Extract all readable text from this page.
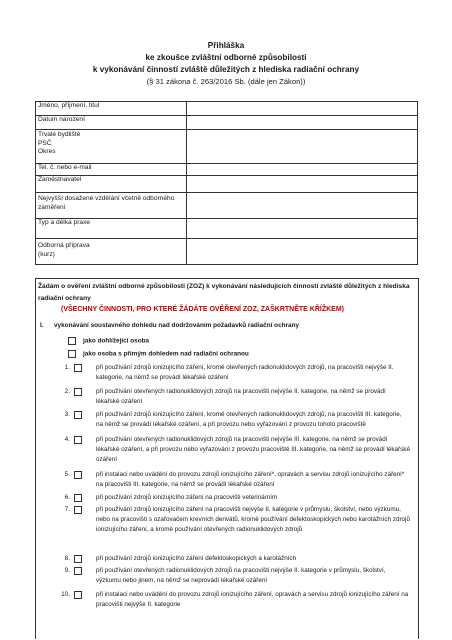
Přihláška
ke zkoušce zvláštní odborné způsobilosti
k vykonávání činností zvláště důležitých z hlediska radiační ochrany
(§ 31 zákona č. 263/2016 Sb. (dále jen Zákon))
Jméno, příjmení, titul	
Datum narození	
Trvalé bydliště
PSČ
Okres	
Tel. č. nebo e-mail	
Zaměstnavatel	
Nejvyšší dosažené vzdělání včetně odborného zaměření	
Typ a délka praxe	
Odborná příprava
(kurz)	
Žádám o ověření zvláštní odborné způsobilosti (ZOZ) k vykonávání následujících činností zvláště důležitých z hlediska radiační ochrany
(VŠECHNY ČINNOSTI, PRO KTERÉ ŽÁDÁTE OVĚŘENÍ ZOZ, ZAŠKRTNĚTE KŘÍŽKEM)
I. vykonávání soustavného dohledu nad dodržováním požadavků radiační ochrany
jako dohlížející osoba
jako osoba s přímým dohledem nad radiační ochranou
1.	při používání zdrojů ionizujícího záření, kromě otevřených radionuklidových zdrojů, na pracovišti nejvýše II. kategorie, na němž se provádí lékařské ozáření
2.	při používání otevřených radionuklidových zdrojů na pracovišti nejvýše II. kategorie, na němž se provádí lékařské ozáření
3.	při používání zdrojů ionizujícího záření, kromě otevřených radionuklidových zdrojů, na pracovišti III. kategorie, na němž se provádí lékařské ozáření, a při provozu nebo vyřazování z provozu tohoto pracoviště
4.	při používání otevřených radionuklidových zdrojů na pracovišti nejvýše III. kategorie, na němž se provádí lékařské ozáření, a při provozu nebo vyřazování z provozu pracoviště III. kategorie, na němž se provádí lékařské ozáření
5.	při instalaci nebo uvádění do provozu zdrojů ionizujícího záření*, opravách a servisu zdrojů ionizujícího záření* na pracovišti III. kategorie, na němž se provádí lékařské ozáření
6.	při používání zdrojů ionizujícího záření na pracovišti veterinárním
7.	při používání zdrojů ionizujícího záření na pracovišti nejvýše II. kategorie v průmyslu, školství, nebo výzkumu, nebo na pracovišti s ozařovačem krevních derivátů, kromě používání defektoskopických nebo karotážních zdrojů ionizujícího záření, a kromě používání otevřených radionuklidových zdrojů
8.	při používání zdrojů ionizujícího záření defektoskopických a karotážních
9.	při používání otevřených radionuklidových zdrojů na pracovišti nejvýše II. kategorie v průmyslu, školství, výzkumu nebo jinem, na němž se neprovádí lékařské ozáření
10.	při instalaci nebo uvádění do provozu zdrojů ionizujícího záření, opravách a servisu zdrojů ionizujícího záření na pracovišti nejvýše II. kategorie
